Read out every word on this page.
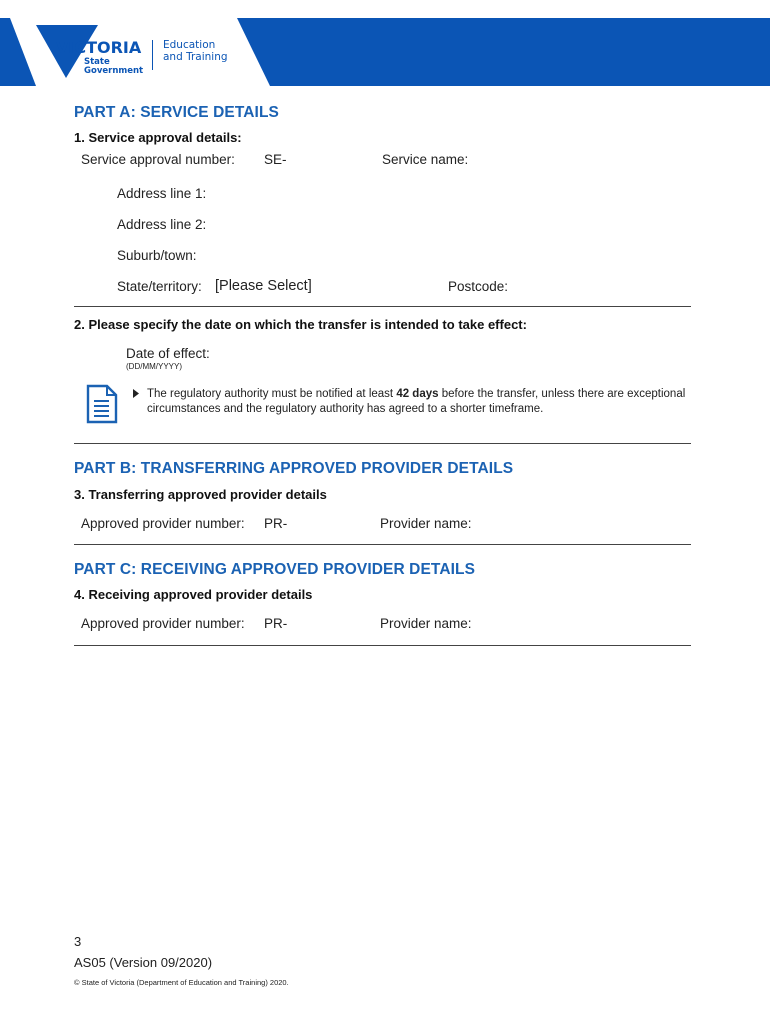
VICTORIA
State
Government
Education
and Training
PART A: SERVICE DETAILS
1. Service approval details:
Service approval number: SE-	Service name:
Address line 1:
Address line 2:
Suburb/town:
State/territory: [Please Select]	Postcode:
2. Please specify the date on which the transfer is intended to take effect:
Date of effect:
(DD/MM/YYYY)
The regulatory authority must be notified at least 42 days before the transfer, unless there are exceptional circumstances and the regulatory authority has agreed to a shorter timeframe.
PART B: TRANSFERRING APPROVED PROVIDER DETAILS
3. Transferring approved provider details
Approved provider number: PR-	Provider name:
PART C: RECEIVING APPROVED PROVIDER DETAILS
4. Receiving approved provider details
Approved provider number: PR-	Provider name:
3
AS05 (Version 09/2020)
© State of Victoria (Department of Education and Training) 2020.
